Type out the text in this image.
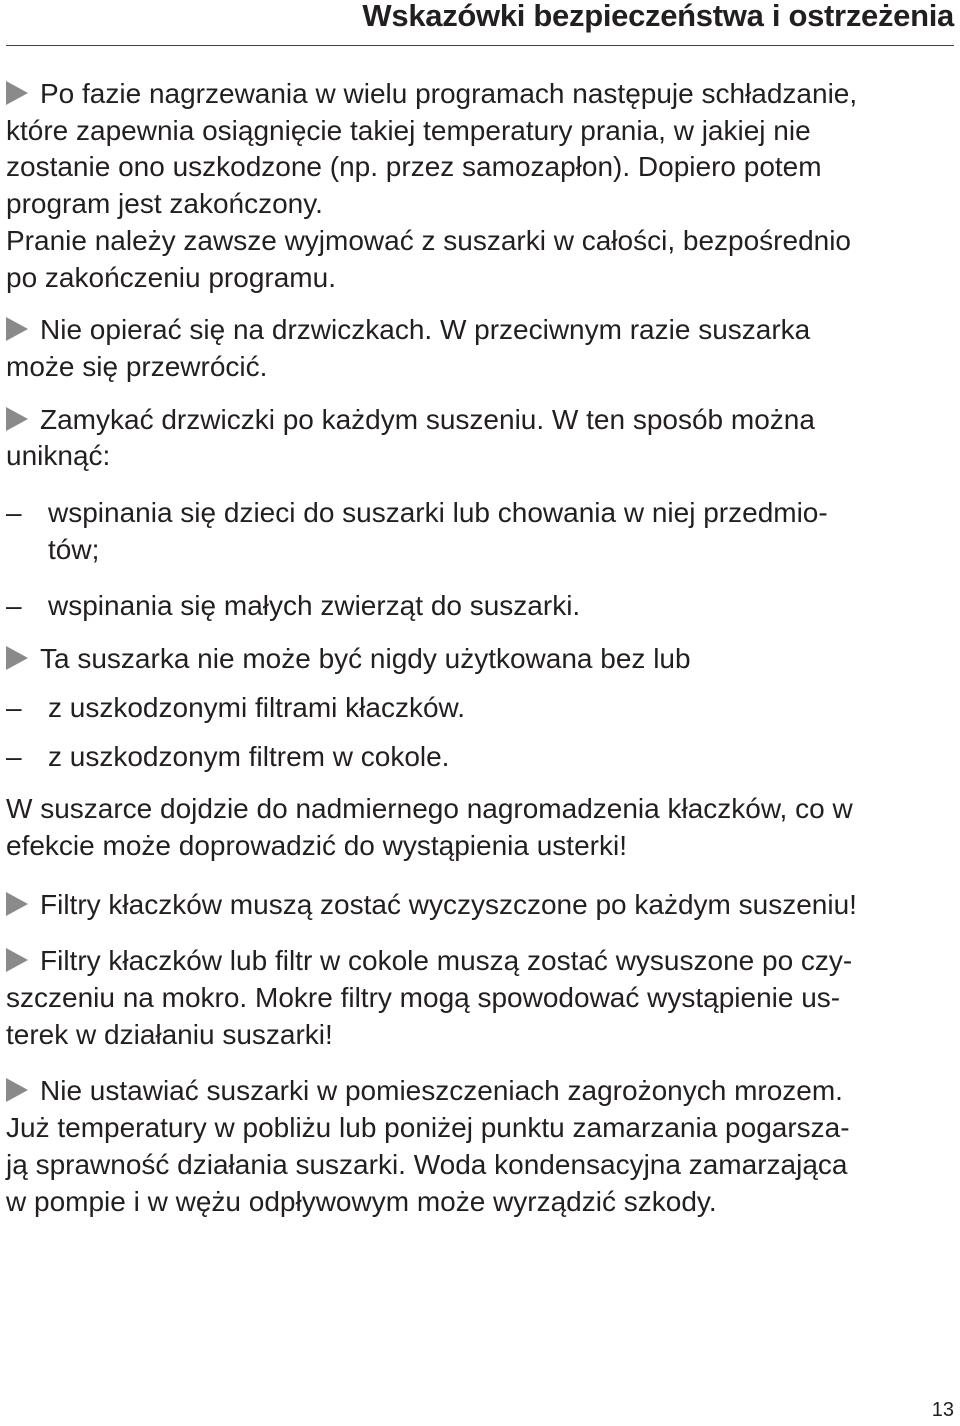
Wskazówki bezpieczeństwa i ostrzeżenia
Po fazie nagrzewania w wielu programach następuje schładzanie,
które zapewnia osiągnięcie takiej temperatury prania, w jakiej nie
zostanie ono uszkodzone (np. przez samozapłon). Dopiero potem
program jest zakończony.
Pranie należy zawsze wyjmować z suszarki w całości, bezpośrednio
po zakończeniu programu.
Nie opierać się na drzwiczkach. W przeciwnym razie suszarka
może się przewrócić.
Zamykać drzwiczki po każdym suszeniu. W ten sposób można
uniknąć:
– wspinania się dzieci do suszarki lub chowania w niej przedmio-
tów;
– wspinania się małych zwierząt do suszarki.
Ta suszarka nie może być nigdy użytkowana bez lub
– z uszkodzonymi filtrami kłaczków.
– z uszkodzonym filtrem w cokole.
W suszarce dojdzie do nadmiernego nagromadzenia kłaczków, co w
efekcie może doprowadzić do wystąpienia usterki!
Filtry kłaczków muszą zostać wyczyszczone po każdym suszeniu!
Filtry kłaczków lub filtr w cokole muszą zostać wysuszone po czy-
szczeniu na mokro. Mokre filtry mogą spowodować wystąpienie us-
terek w działaniu suszarki!
Nie ustawiać suszarki w pomieszczeniach zagrożonych mrozem.
Już temperatury w pobliżu lub poniżej punktu zamarzania pogarsza-
ją sprawność działania suszarki. Woda kondensacyjna zamarzająca
w pompie i w wężu odpływowym może wyrządzić szkody.
13
